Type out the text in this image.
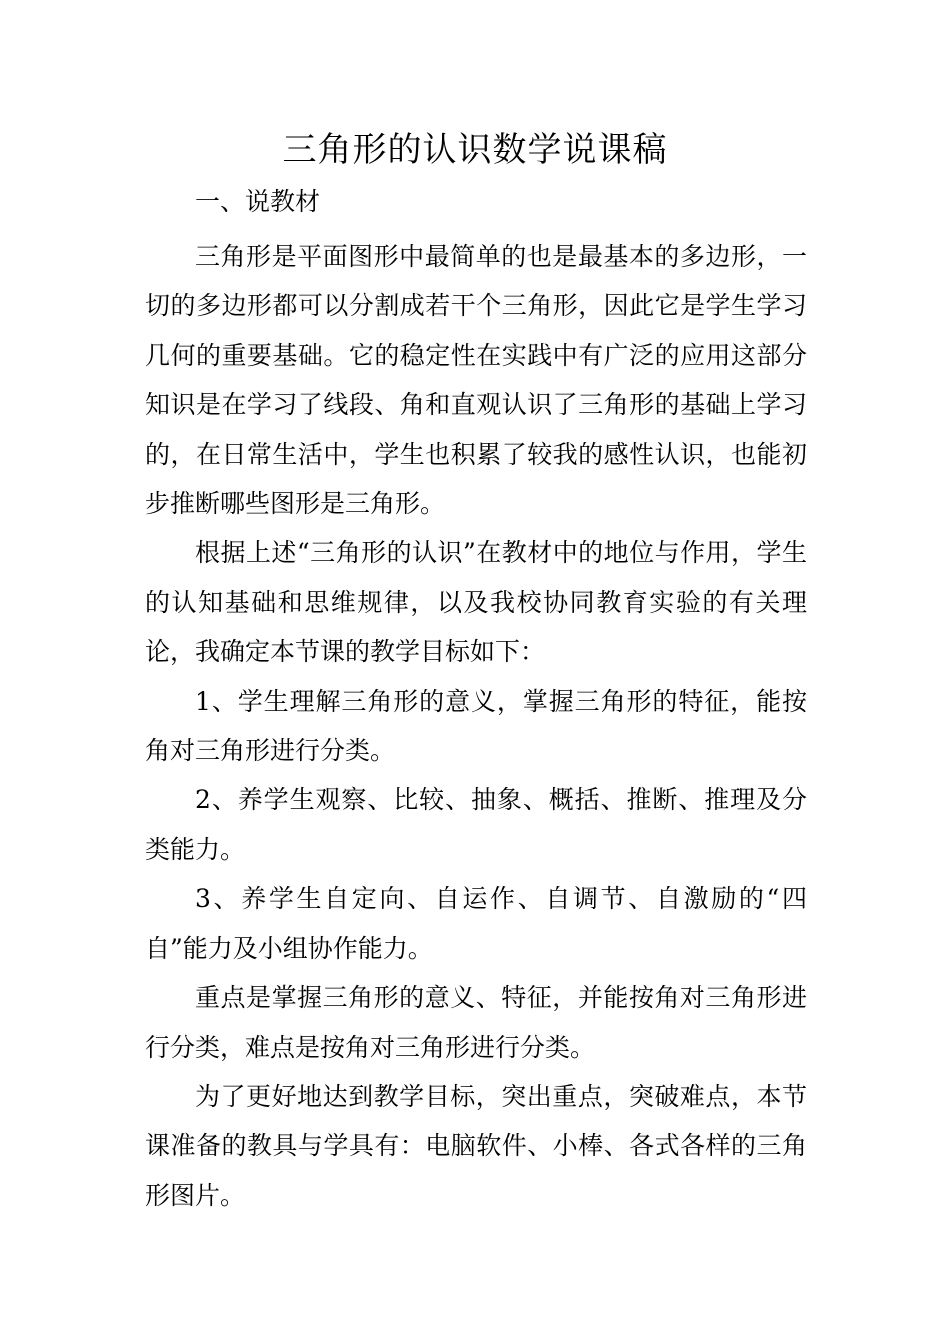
三角形的认识数学说课稿

一、说教材

三角形是平面图形中最简单的也是最基本的多边形，一切的多边形都可以分割成若干个三角形，因此它是学生学习几何的重要基础。它的稳定性在实践中有广泛的应用这部分知识是在学习了线段、角和直观认识了三角形的基础上学习的，在日常生活中，学生也积累了较我的感性认识，也能初步推断哪些图形是三角形。

根据上述“三角形的认识”在教材中的地位与作用，学生的认知基础和思维规律，以及我校协同教育实验的有关理论，我确定本节课的教学目标如下：

1、学生理解三角形的意义，掌握三角形的特征，能按角对三角形进行分类。

2、养学生观察、比较、抽象、概括、推断、推理及分类能力。

3、养学生自定向、自运作、自调节、自激励的“四自”能力及小组协作能力。

重点是掌握三角形的意义、特征，并能按角对三角形进行分类，难点是按角对三角形进行分类。

为了更好地达到教学目标，突出重点，突破难点，本节课准备的教具与学具有：电脑软件、小棒、各式各样的三角形图片。
